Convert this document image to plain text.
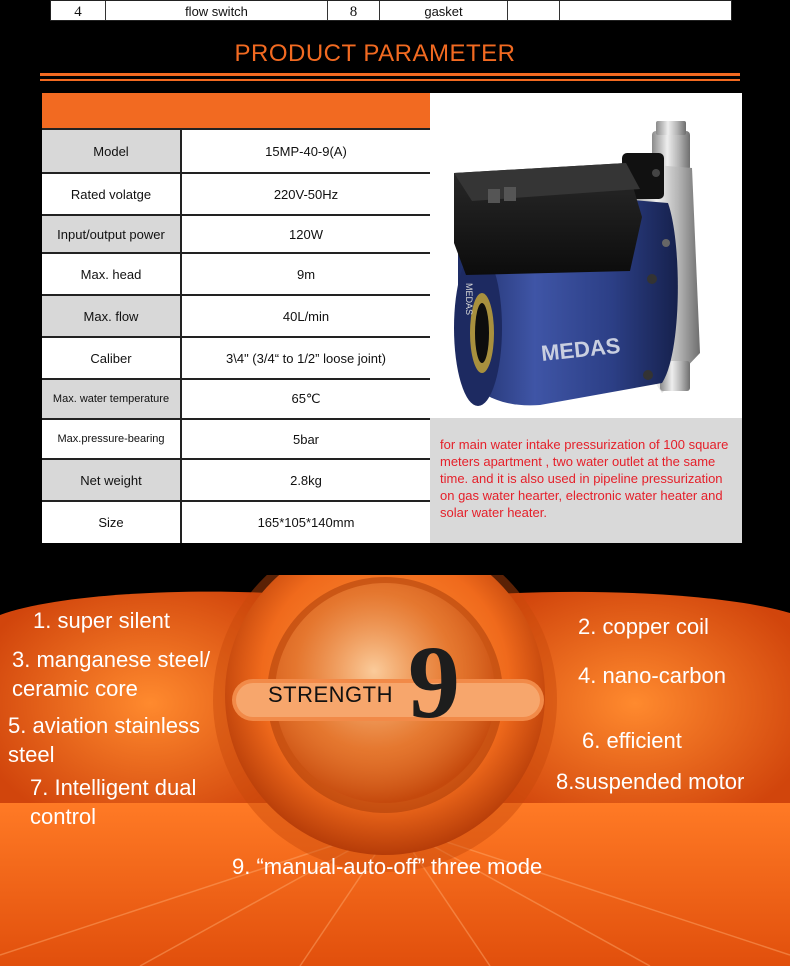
4	flow switch	8	gasket
PRODUCT PARAMETER
Model	15MP-40-9(A)
Rated volatge	220V-50Hz
Input/output power	120W
Max. head	9m
Max. flow	40L/min
Caliber	3\4" (3/4“ to 1/2” loose joint)
Max. water temperature	65℃
Max.pressure-bearing	5bar
Net weight	2.8kg
Size	165*105*140mm
MEDAS
MEDAS
for main water intake pressurization of 100 square meters apartment , two water outlet at the same time. and it is also used in pipeline pressurization on gas water hearter, electronic water heater and solar water heater.
1. super silent
3. manganese steel/ ceramic core
5. aviation stainless steel
7. Intelligent dual control
2. copper coil
4. nano-carbon
6. efficient
8.suspended motor
9. “manual-auto-off” three mode
STRENGTH 9
